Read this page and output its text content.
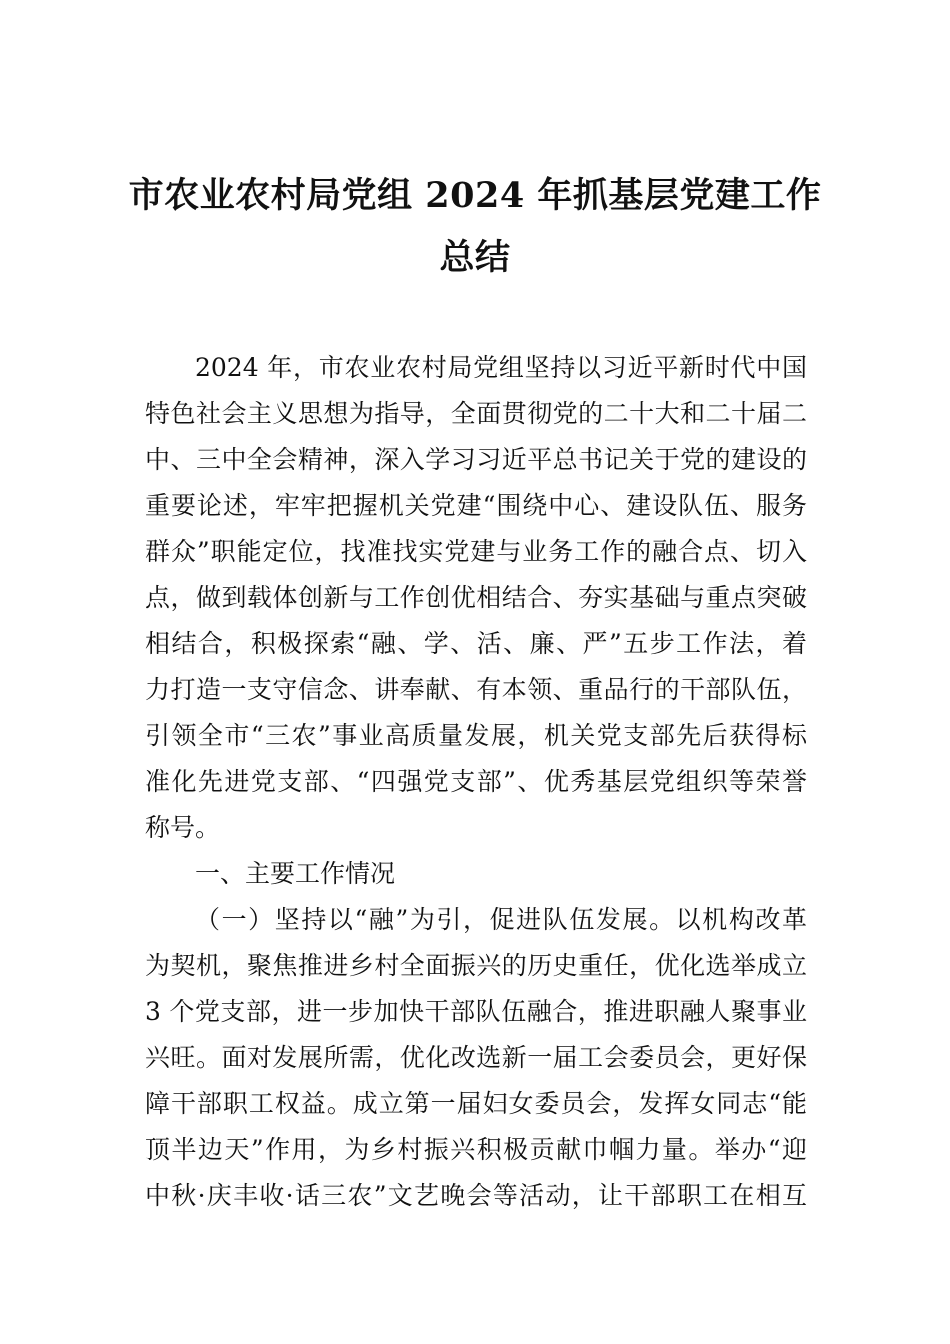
市农业农村局党组 2024 年抓基层党建工作
总结
2024 年，市农业农村局党组坚持以习近平新时代中国
特色社会主义思想为指导，全面贯彻党的二十大和二十届二
中、三中全会精神，深入学习习近平总书记关于党的建设的
重要论述，牢牢把握机关党建“围绕中心、建设队伍、服务
群众”职能定位，找准找实党建与业务工作的融合点、切入
点，做到载体创新与工作创优相结合、夯实基础与重点突破
相结合，积极探索“融、学、活、廉、严”五步工作法，着
力打造一支守信念、讲奉献、有本领、重品行的干部队伍，
引领全市“三农”事业高质量发展，机关党支部先后获得标
准化先进党支部、“四强党支部”、优秀基层党组织等荣誉
称号。
一、主要工作情况
（一）坚持以“融”为引，促进队伍发展。以机构改革
为契机，聚焦推进乡村全面振兴的历史重任，优化选举成立
3 个党支部，进一步加快干部队伍融合，推进职融人聚事业
兴旺。面对发展所需，优化改选新一届工会委员会，更好保
障干部职工权益。成立第一届妇女委员会，发挥女同志“能
顶半边天”作用，为乡村振兴积极贡献巾帼力量。举办“迎
中秋·庆丰收·话三农”文艺晚会等活动，让干部职工在相互
